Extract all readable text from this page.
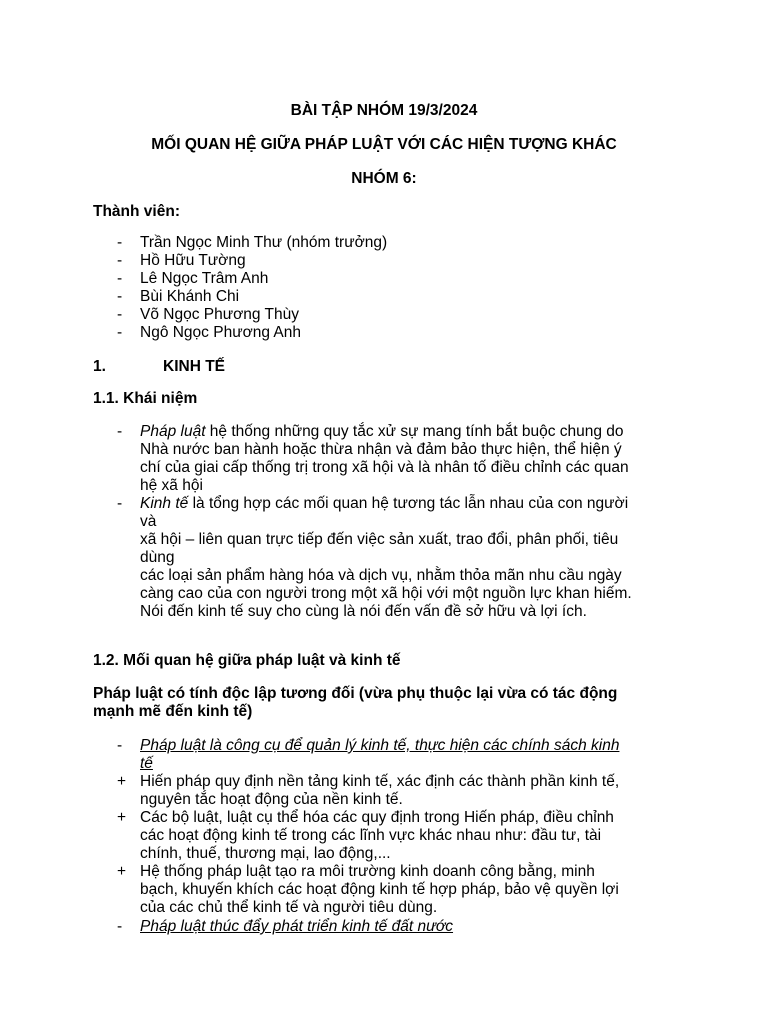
BÀI TẬP NHÓM 19/3/2024
MỐI QUAN HỆ GIỮA PHÁP LUẬT VỚI CÁC HIỆN TƯỢNG KHÁC
NHÓM 6:
Thành viên:
- Trần Ngọc Minh Thư (nhóm trưởng)
- Hồ Hữu Tường
- Lê Ngọc Trâm Anh
- Bùi Khánh Chi
- Võ Ngọc Phương Thùy
- Ngô Ngọc Phương Anh
1.	KINH TẾ
1.1. Khái niệm
- Pháp luật hệ thống những quy tắc xử sự mang tính bắt buộc chung do
Nhà nước ban hành hoặc thừa nhận và đảm bảo thực hiện, thể hiện ý
chí của giai cấp thống trị trong xã hội và là nhân tố điều chỉnh các quan
hệ xã hội
- Kinh tế là tổng hợp các mối quan hệ tương tác lẫn nhau của con người
và
xã hội – liên quan trực tiếp đến việc sản xuất, trao đổi, phân phối, tiêu
dùng
các loại sản phẩm hàng hóa và dịch vụ, nhằm thỏa mãn nhu cầu ngày
càng cao của con người trong một xã hội với một nguồn lực khan hiếm.
Nói đến kinh tế suy cho cùng là nói đến vấn đề sở hữu và lợi ích.
1.2. Mối quan hệ giữa pháp luật và kinh tế
Pháp luật có tính độc lập tương đối (vừa phụ thuộc lại vừa có tác động
mạnh mẽ đến kinh tế)
- Pháp luật là công cụ để quản lý kinh tế, thực hiện các chính sách kinh
tế
+ Hiến pháp quy định nền tảng kinh tế, xác định các thành phần kinh tế,
nguyên tắc hoạt động của nền kinh tế.
+ Các bộ luật, luật cụ thể hóa các quy định trong Hiến pháp, điều chỉnh
các hoạt động kinh tế trong các lĩnh vực khác nhau như: đầu tư, tài
chính, thuế, thương mại, lao động,...
+ Hệ thống pháp luật tạo ra môi trường kinh doanh công bằng, minh
bạch, khuyến khích các hoạt động kinh tế hợp pháp, bảo vệ quyền lợi
của các chủ thể kinh tế và người tiêu dùng.
- Pháp luật thúc đẩy phát triển kinh tế đất nước
